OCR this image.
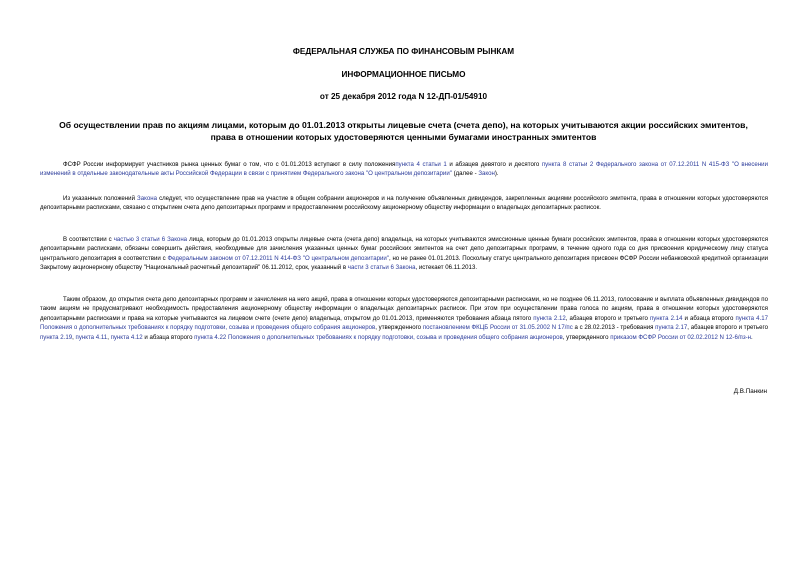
ФЕДЕРАЛЬНАЯ СЛУЖБА ПО ФИНАНСОВЫМ РЫНКАМ
ИНФОРМАЦИОННОЕ ПИСЬМО
от 25 декабря 2012 года N 12-ДП-01/54910
Об осуществлении прав по акциям лицами, которым до 01.01.2013 открыты лицевые счета (счета депо), на которых учитываются акции российских эмитентов,
права в отношении которых удостоверяются ценными бумагами иностранных эмитентов

ФСФР России информирует участников рынка ценных бумаг о том, что с 01.01.2013 вступают в силу положенияпункта 4 статьи 1 и абзацев девятого и десятого пункта 8 статьи 2 Федерального закона от 07.12.2011 N 415-ФЗ "О внесении изменений в отдельные законодательные акты Российской Федерации в связи с принятием Федерального закона "О центральном депозитарии" (далее - Закон).

Из указанных положений Закона следует, что осуществление прав на участие в общем собрании акционеров и на получение объявленных дивидендов, закрепленных акциями российского эмитента, права в отношении которых удостоверяются депозитарными расписками, связано с открытием счета депо депозитарных программ и предоставлением российскому акционерному обществу информации о владельцах депозитарных расписок.

В соответствии с частью 3 статьи 6 Закона лица, которым до 01.01.2013 открыты лицевые счета (счета депо) владельца, на которых учитываются эмиссионные ценные бумаги российских эмитентов, права в отношении которых удостоверяются депозитарными расписками, обязаны совершить действия, необходимые для зачисления указанных ценных бумаг российских эмитентов на счет депо депозитарных программ, в течение одного года со дня присвоения юридическому лицу статуса центрального депозитария в соответствии с Федеральным законом от 07.12.2011 N 414-ФЗ "О центральном депозитарии", но не ранее 01.01.2013. Поскольку статус центрального депозитария присвоен ФСФР России небанковской кредитной организации Закрытому акционерному обществу "Национальный расчетный депозитарий" 06.11.2012, срок, указанный в части 3 статьи 6 Закона, истекает 06.11.2013.

Таким образом, до открытия счета депо депозитарных программ и зачисления на него акций, права в отношении которых удостоверяются депозитарными расписками, но не позднее 06.11.2013, голосование и выплата объявленных дивидендов по таким акциям не предусматривают необходимость предоставления акционерному обществу информации о владельцах депозитарных расписок. При этом при осуществлении права голоса по акциям, права в отношении которых удостоверяются депозитарными расписками и права на которые учитываются на лицевом счете (счете депо) владельца, открытом до 01.01.2013, применяются требования абзаца пятого пункта 2.12, абзацев второго и третьего пункта 2.14 и абзаца второго пункта 4.17 Положения о дополнительных требованиях к порядку подготовки, созыва и проведения общего собрания акционеров, утвержденного постановлением ФКЦБ России от 31.05.2002 N 17/пс а с 28.02.2013 - требования пункта 2.17, абзацев второго и третьего пункта 2.19, пункта 4.11, пункта 4.12 и абзаца второго пункта 4.22 Положения о дополнительных требованиях к порядку подготовки, созыва и проведения общего собрания акционеров, утвержденного приказом ФСФР России от 02.02.2012 N 12-6/пз-н.

Д.В.Панкин
